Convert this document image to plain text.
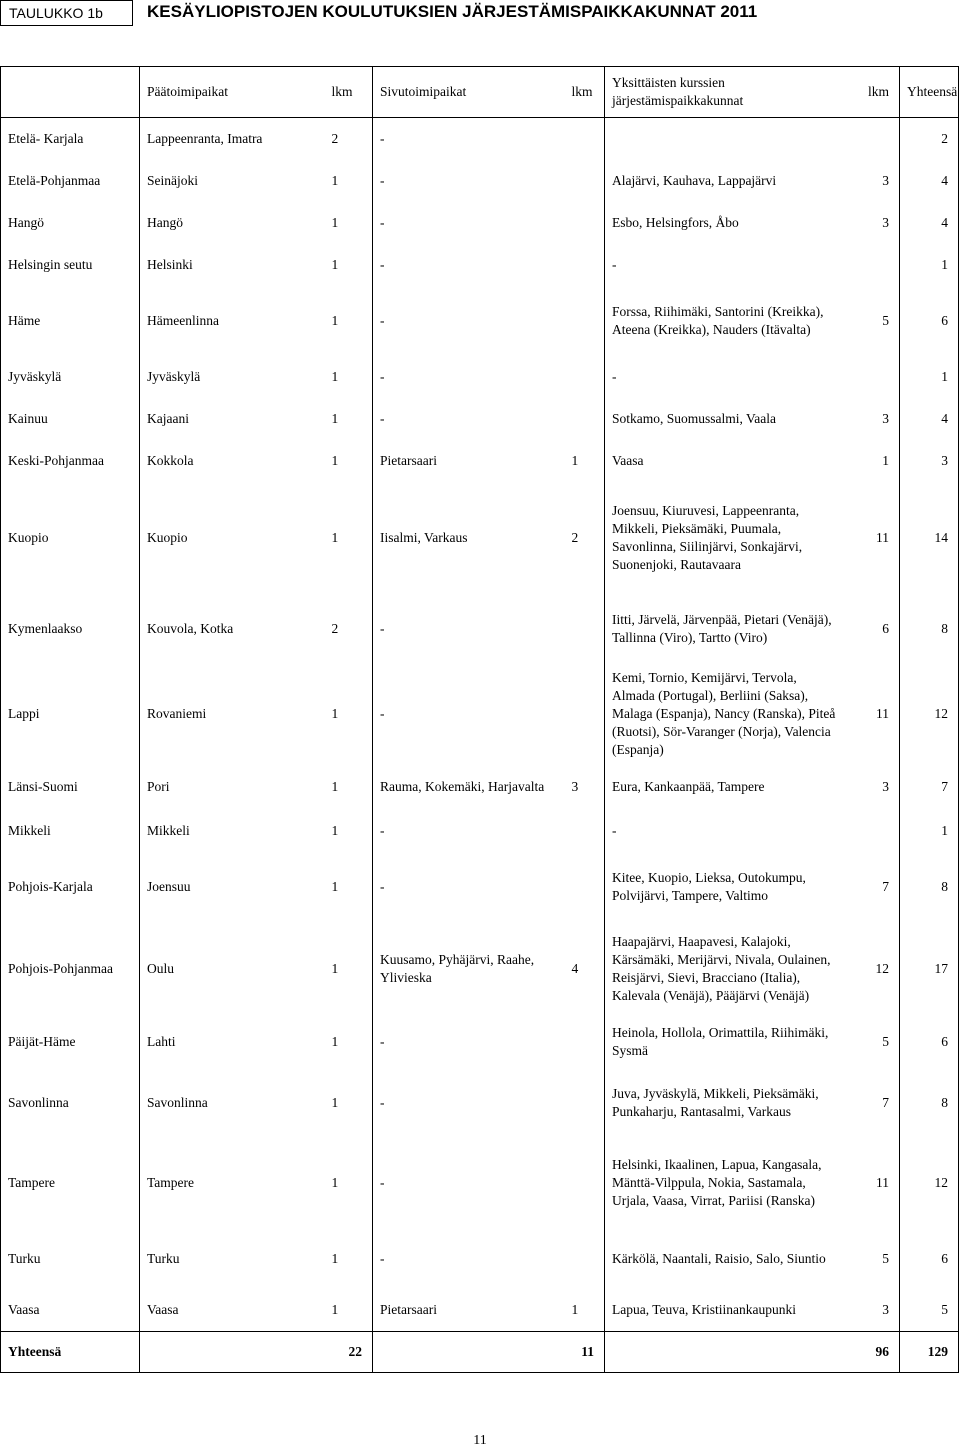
TAULUKKO 1b	KESÄYLIOPISTOJEN KOULUTUKSIEN JÄRJESTÄMISPAIKKAKUNNAT 2011
	Päätoimipaikat	lkm	Sivutoimipaikat	lkm	Yksittäisten kurssien järjestämispaikkakunnat	lkm	Yhteensä
Etelä- Karjala	Lappeenranta, Imatra	2	-				2
Etelä-Pohjanmaa	Seinäjoki	1	-		Alajärvi, Kauhava, Lappajärvi	3	4
Hangö	Hangö	1	-		Esbo, Helsingfors, Åbo	3	4
Helsingin seutu	Helsinki	1	-		-		1
Häme	Hämeenlinna	1	-		Forssa, Riihimäki, Santorini (Kreikka), Ateena (Kreikka), Nauders (Itävalta)	5	6
Jyväskylä	Jyväskylä	1	-		-		1
Kainuu	Kajaani	1	-		Sotkamo, Suomussalmi, Vaala	3	4
Keski-Pohjanmaa	Kokkola	1	Pietarsaari	1	Vaasa	1	3
Kuopio	Kuopio	1	Iisalmi, Varkaus	2	Joensuu, Kiuruvesi, Lappeenranta, Mikkeli, Pieksämäki, Puumala, Savonlinna, Siilinjärvi, Sonkajärvi, Suonenjoki, Rautavaara	11	14
Kymenlaakso	Kouvola, Kotka	2	-		Iitti, Järvelä, Järvenpää, Pietari (Venäjä), Tallinna (Viro), Tartto (Viro)	6	8
Lappi	Rovaniemi	1	-		Kemi, Tornio, Kemijärvi, Tervola, Almada (Portugal), Berliini (Saksa), Malaga (Espanja), Nancy (Ranska), Piteå (Ruotsi), Sör-Varanger (Norja), Valencia (Espanja)	11	12
Länsi-Suomi	Pori	1	Rauma, Kokemäki, Harjavalta	3	Eura, Kankaanpää, Tampere	3	7
Mikkeli	Mikkeli	1	-		-		1
Pohjois-Karjala	Joensuu	1	-		Kitee, Kuopio, Lieksa, Outokumpu, Polvijärvi, Tampere, Valtimo	7	8
Pohjois-Pohjanmaa	Oulu	1	Kuusamo, Pyhäjärvi, Raahe, Ylivieska	4	Haapajärvi, Haapavesi, Kalajoki, Kärsämäki, Merijärvi, Nivala, Oulainen, Reisjärvi, Sievi, Bracciano (Italia), Kalevala (Venäjä), Pääjärvi (Venäjä)	12	17
Päijät-Häme	Lahti	1	-		Heinola, Hollola, Orimattila, Riihimäki, Sysmä	5	6
Savonlinna	Savonlinna	1	-		Juva, Jyväskylä, Mikkeli, Pieksämäki, Punkaharju, Rantasalmi, Varkaus	7	8
Tampere	Tampere	1	-		Helsinki, Ikaalinen, Lapua, Kangasala, Mänttä-Vilppula, Nokia, Sastamala, Urjala, Vaasa, Virrat, Pariisi (Ranska)	11	12
Turku	Turku	1	-		Kärkölä, Naantali, Raisio, Salo, Siuntio	5	6
Vaasa	Vaasa	1	Pietarsaari	1	Lapua, Teuva, Kristiinankaupunki	3	5
Yhteensä		22		11		96	129
11
